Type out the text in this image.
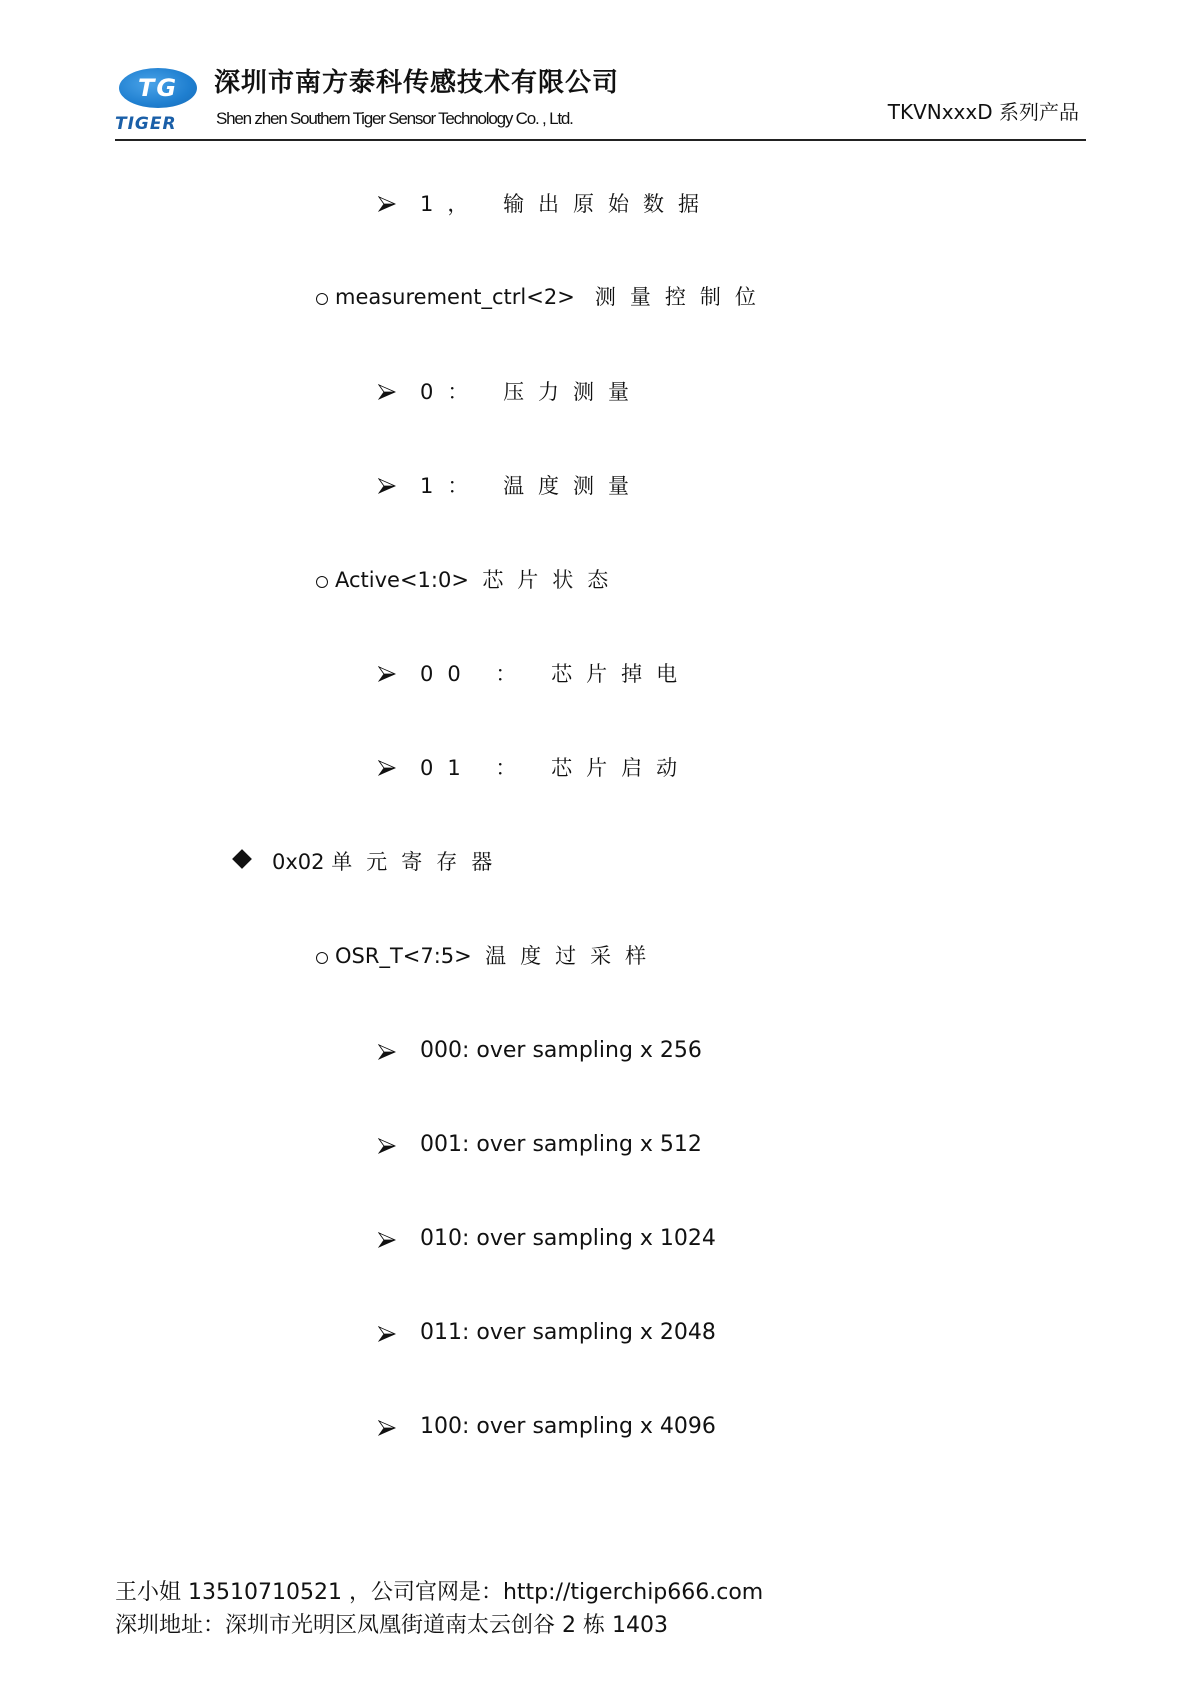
TG
TIGER
深圳市南方泰科传感技术有限公司
Shen zhen Southern Tiger Sensor Technology Co. , Ltd.	TKVNxxxD 系列产品
1， 输出原始数据
measurement_ctrl<2> 测量控制位
0： 压力测量
1： 温度测量
Active<1:0> 芯片状态
00 ： 芯片掉电
01 ： 芯片启动
0x02 单元寄存器
OSR_T<7:5> 温度过采样
000: over sampling x 256
001: over sampling x 512
010: over sampling x 1024
011: over sampling x 2048
100: over sampling x 4096
王小姐 13510710521 ，公司官网是：http://tigerchip666.com
深圳地址：深圳市光明区凤凰街道南太云创谷 2 栋 1403
